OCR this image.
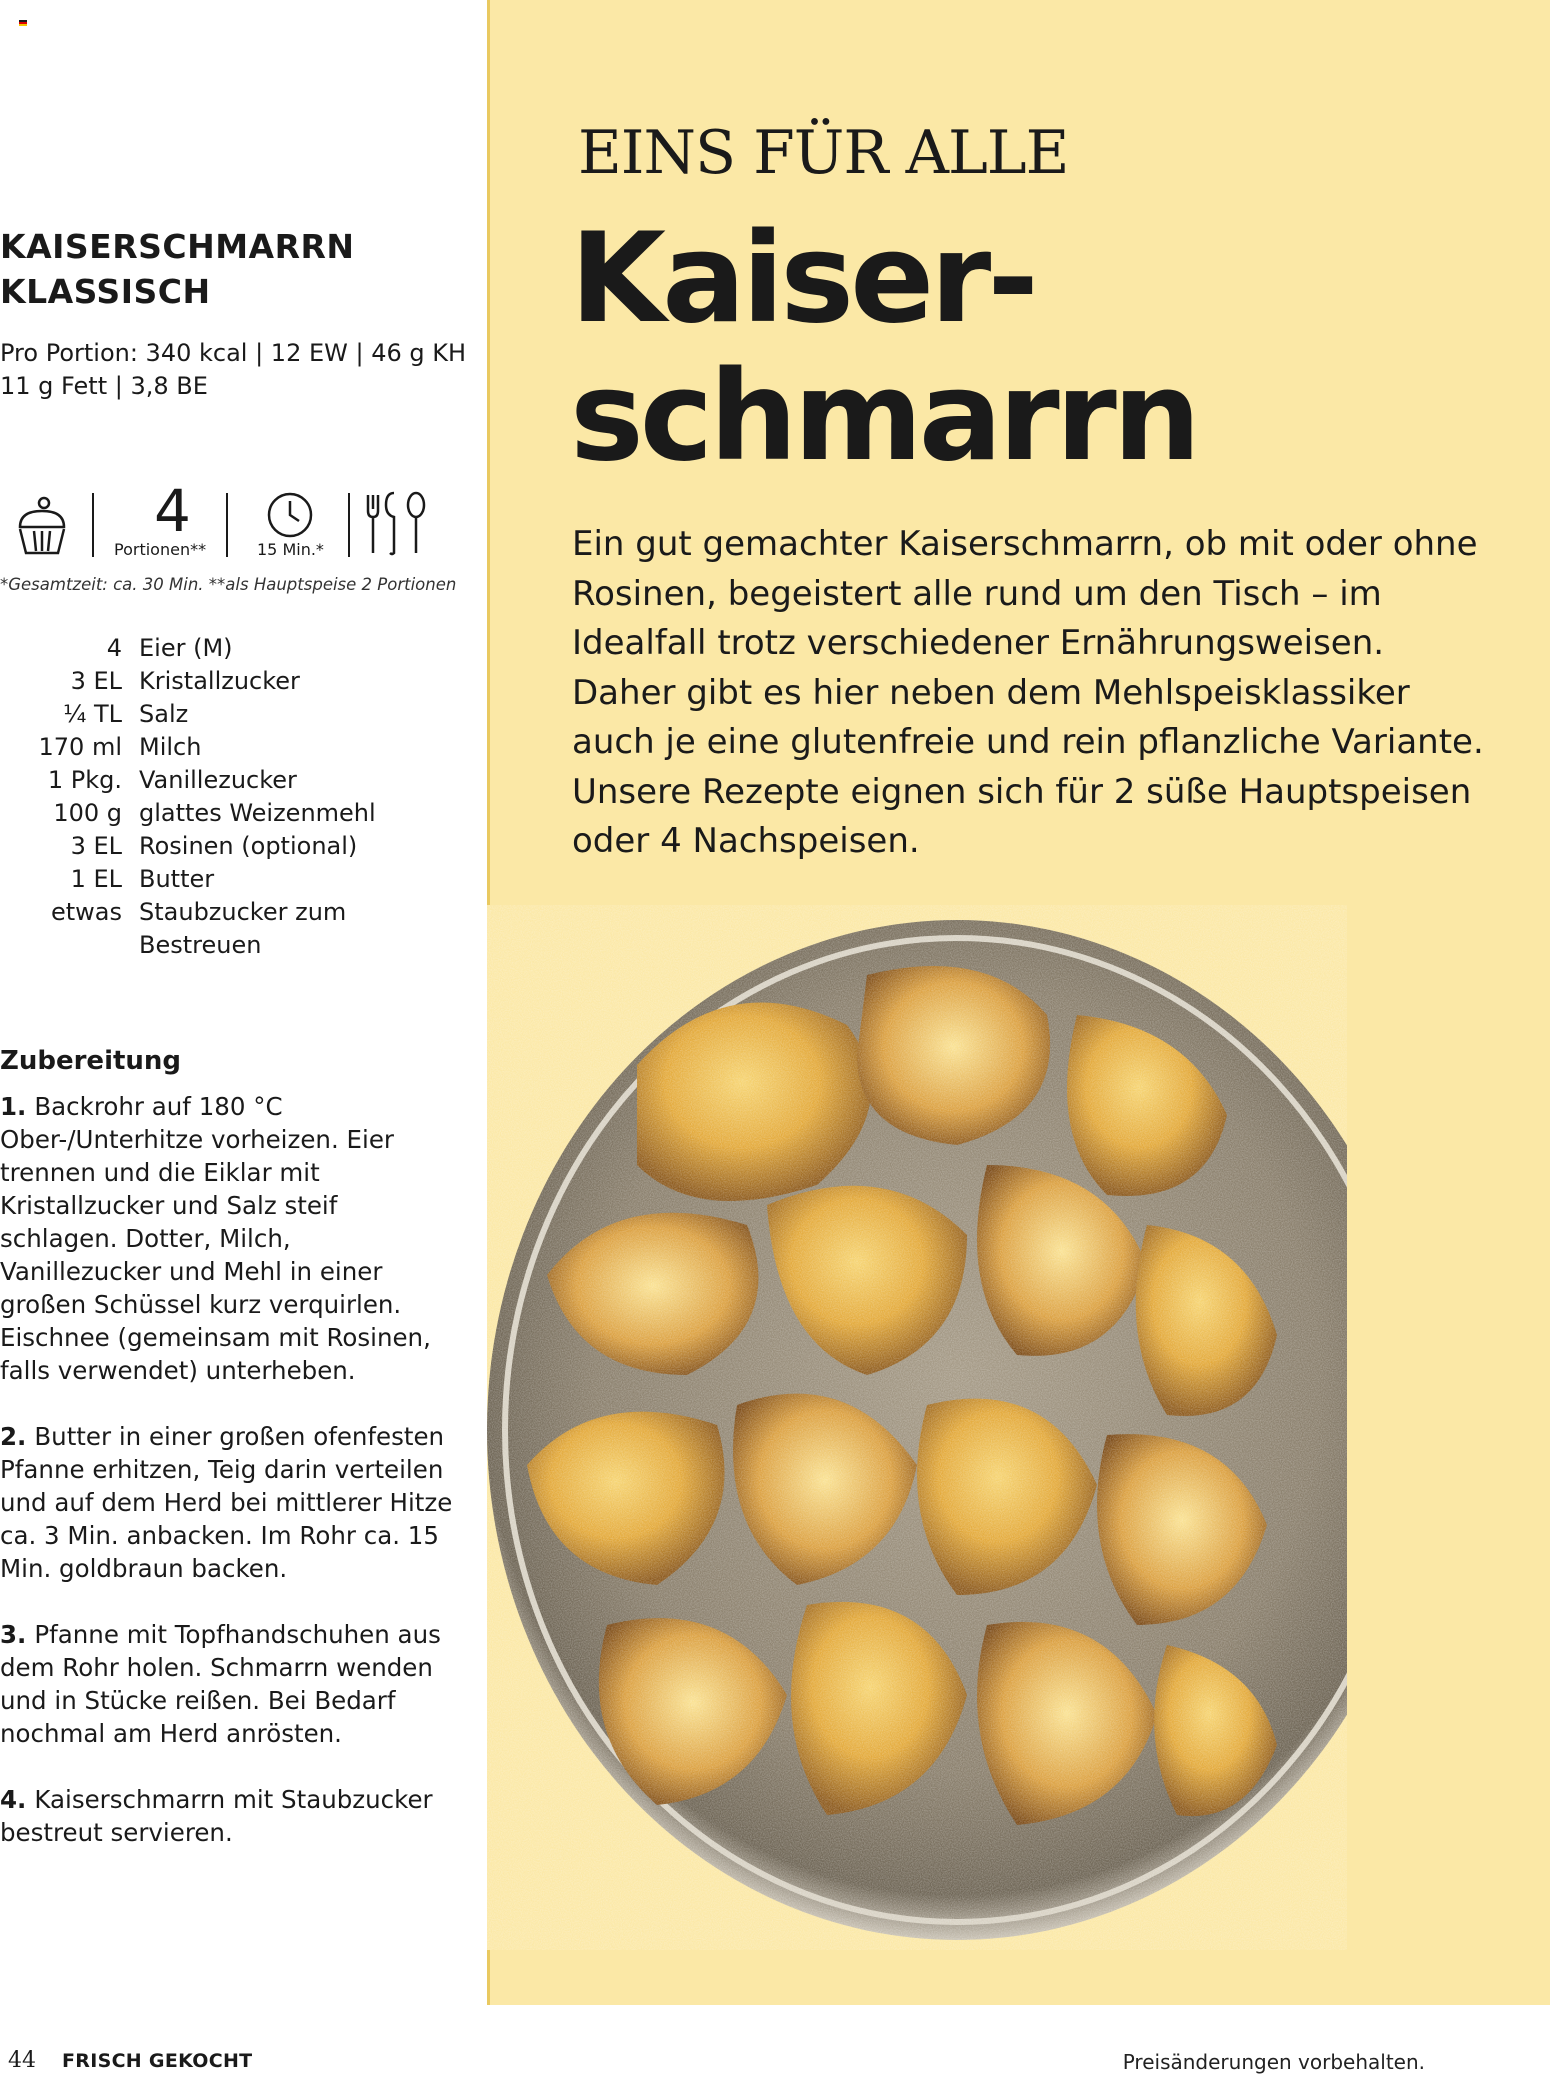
EINS FÜR ALLE
Kaiser-
schmarrn
Ein gut gemachter Kaiserschmarrn, ob mit oder ohne Rosinen, begeistert alle rund um den Tisch – im Idealfall trotz verschiedener Ernährungsweisen. Daher gibt es hier neben dem Mehlspeisklassiker auch je eine glutenfreie und rein pflanzliche Variante. Unsere Rezepte eignen sich für 2 süße Hauptspeisen oder 4 Nachspeisen.
KAISERSCHMARRN
KLASSISCH
Pro Portion: 340 kcal | 12 EW | 46 g KH
11 g Fett | 3,8 BE
4
Portionen**	15 Min.*
*Gesamtzeit: ca. 30 Min. **als Hauptspeise 2 Portionen
4	Eier (M)
3 EL	Kristallzucker
¼ TL	Salz
170 ml	Milch
1 Pkg.	Vanillezucker
100 g	glattes Weizenmehl
3 EL	Rosinen (optional)
1 EL	Butter
etwas	Staubzucker zum Bestreuen
Zubereitung
1. Backrohr auf 180 °C Ober-/Unterhitze vorheizen. Eier trennen und die Eiklar mit Kristallzucker und Salz steif schlagen. Dotter, Milch, Vanillezucker und Mehl in einer großen Schüssel kurz verquirlen. Eischnee (gemeinsam mit Rosinen, falls verwendet) unterheben.
2. Butter in einer großen ofenfesten Pfanne erhitzen, Teig darin verteilen und auf dem Herd bei mittlerer Hitze ca. 3 Min. anbacken. Im Rohr ca. 15 Min. goldbraun backen.
3. Pfanne mit Topfhandschuhen aus dem Rohr holen. Schmarrn wenden und in Stücke reißen. Bei Bedarf nochmal am Herd anrösten.
4. Kaiserschmarrn mit Staubzucker bestreut servieren.
44 FRISCH GEKOCHT	Preisänderungen vorbehalten.
